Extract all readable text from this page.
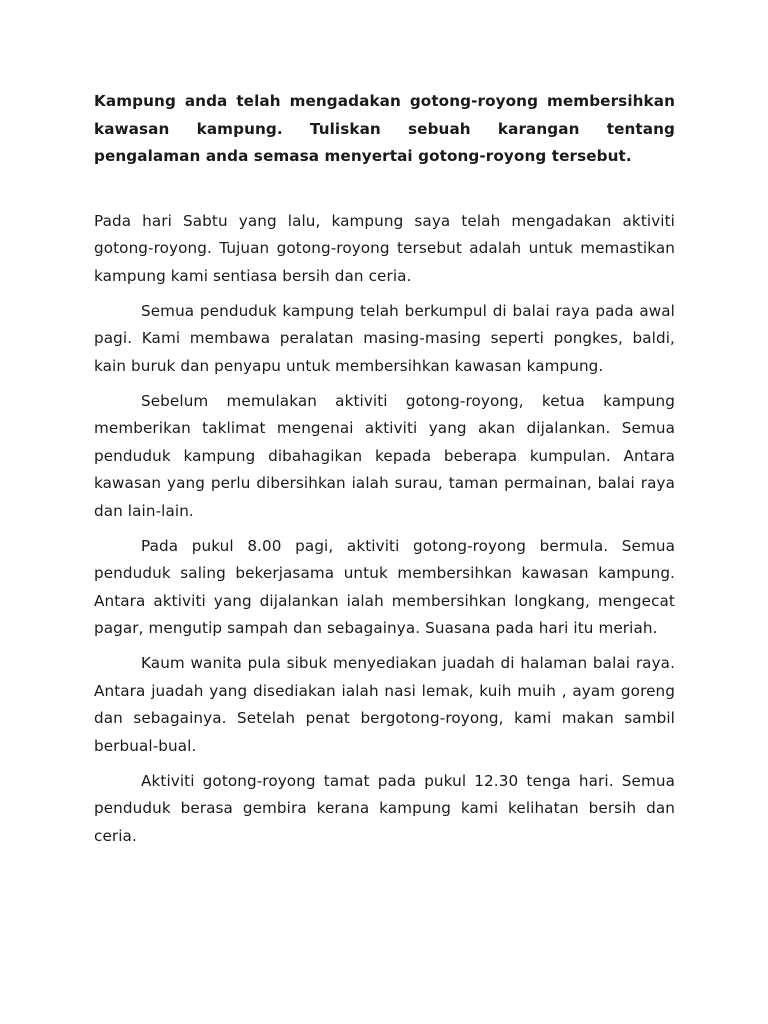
Kampung anda telah mengadakan gotong-royong membersihkan kawasan kampung. Tuliskan sebuah karangan tentang pengalaman anda semasa menyertai gotong-royong tersebut.

Pada hari Sabtu yang lalu, kampung saya telah mengadakan aktiviti gotong-royong. Tujuan gotong-royong tersebut adalah untuk memastikan kampung kami sentiasa bersih dan ceria.

Semua penduduk kampung telah berkumpul di balai raya pada awal pagi. Kami membawa peralatan masing-masing seperti pongkes, baldi, kain buruk dan penyapu untuk membersihkan kawasan kampung.

Sebelum memulakan aktiviti gotong-royong, ketua kampung memberikan taklimat mengenai aktiviti yang akan dijalankan. Semua penduduk kampung dibahagikan kepada beberapa kumpulan. Antara kawasan yang perlu dibersihkan ialah surau, taman permainan, balai raya dan lain-lain.

Pada pukul 8.00 pagi, aktiviti gotong-royong bermula. Semua penduduk saling bekerjasama untuk membersihkan kawasan kampung. Antara aktiviti yang dijalankan ialah membersihkan longkang, mengecat pagar, mengutip sampah dan sebagainya. Suasana pada hari itu meriah.

Kaum wanita pula sibuk menyediakan juadah di halaman balai raya. Antara juadah yang disediakan ialah nasi lemak, kuih muih , ayam goreng dan sebagainya. Setelah penat bergotong-royong, kami makan sambil berbual-bual.

Aktiviti gotong-royong tamat pada pukul 12.30 tenga hari. Semua penduduk berasa gembira kerana kampung kami kelihatan bersih dan ceria.
